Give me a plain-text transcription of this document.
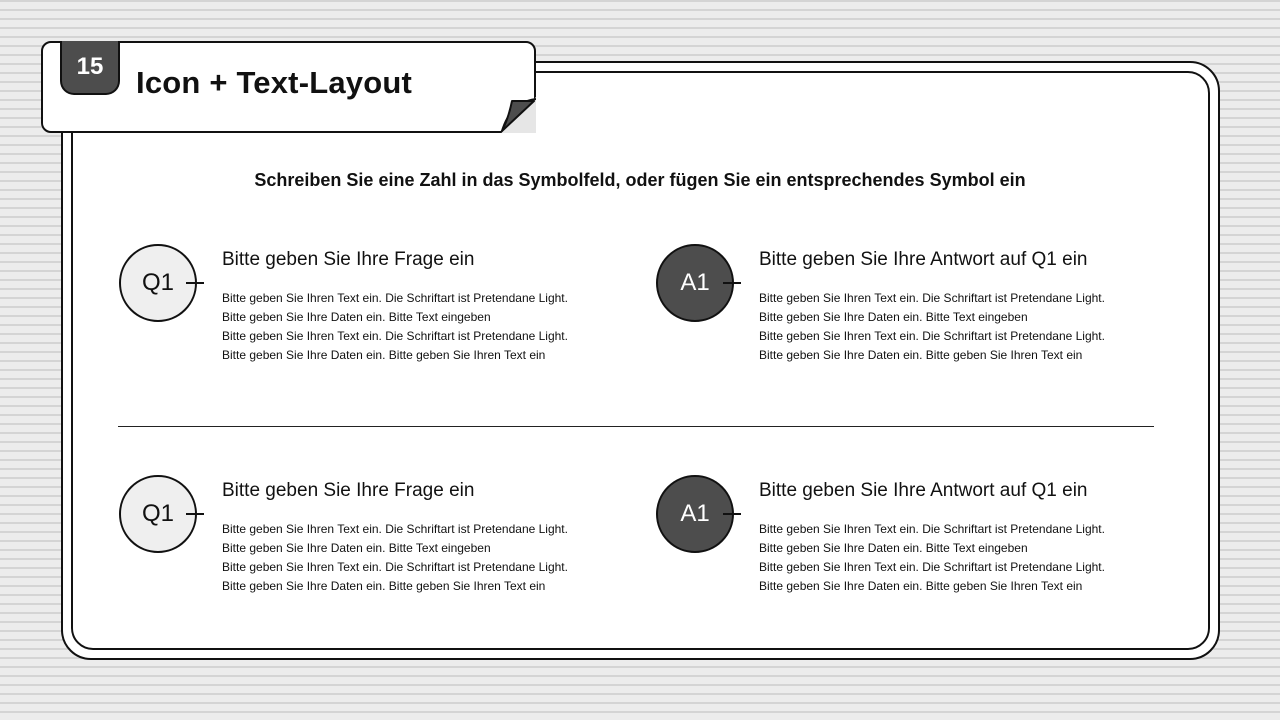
15	Icon + Text-Layout
Schreiben Sie eine Zahl in das Symbolfeld, oder fügen Sie ein entsprechendes Symbol ein
Q1
Bitte geben Sie Ihre Frage ein
Bitte geben Sie Ihren Text ein. Die Schriftart ist Pretendane Light.
Bitte geben Sie Ihre Daten ein. Bitte Text eingeben
Bitte geben Sie Ihren Text ein. Die Schriftart ist Pretendane Light.
Bitte geben Sie Ihre Daten ein. Bitte geben Sie Ihren Text ein
A1
Bitte geben Sie Ihre Antwort auf Q1 ein
Bitte geben Sie Ihren Text ein. Die Schriftart ist Pretendane Light.
Bitte geben Sie Ihre Daten ein. Bitte Text eingeben
Bitte geben Sie Ihren Text ein. Die Schriftart ist Pretendane Light.
Bitte geben Sie Ihre Daten ein. Bitte geben Sie Ihren Text ein
Q1
Bitte geben Sie Ihre Frage ein
Bitte geben Sie Ihren Text ein. Die Schriftart ist Pretendane Light.
Bitte geben Sie Ihre Daten ein. Bitte Text eingeben
Bitte geben Sie Ihren Text ein. Die Schriftart ist Pretendane Light.
Bitte geben Sie Ihre Daten ein. Bitte geben Sie Ihren Text ein
A1
Bitte geben Sie Ihre Antwort auf Q1 ein
Bitte geben Sie Ihren Text ein. Die Schriftart ist Pretendane Light.
Bitte geben Sie Ihre Daten ein. Bitte Text eingeben
Bitte geben Sie Ihren Text ein. Die Schriftart ist Pretendane Light.
Bitte geben Sie Ihre Daten ein. Bitte geben Sie Ihren Text ein
